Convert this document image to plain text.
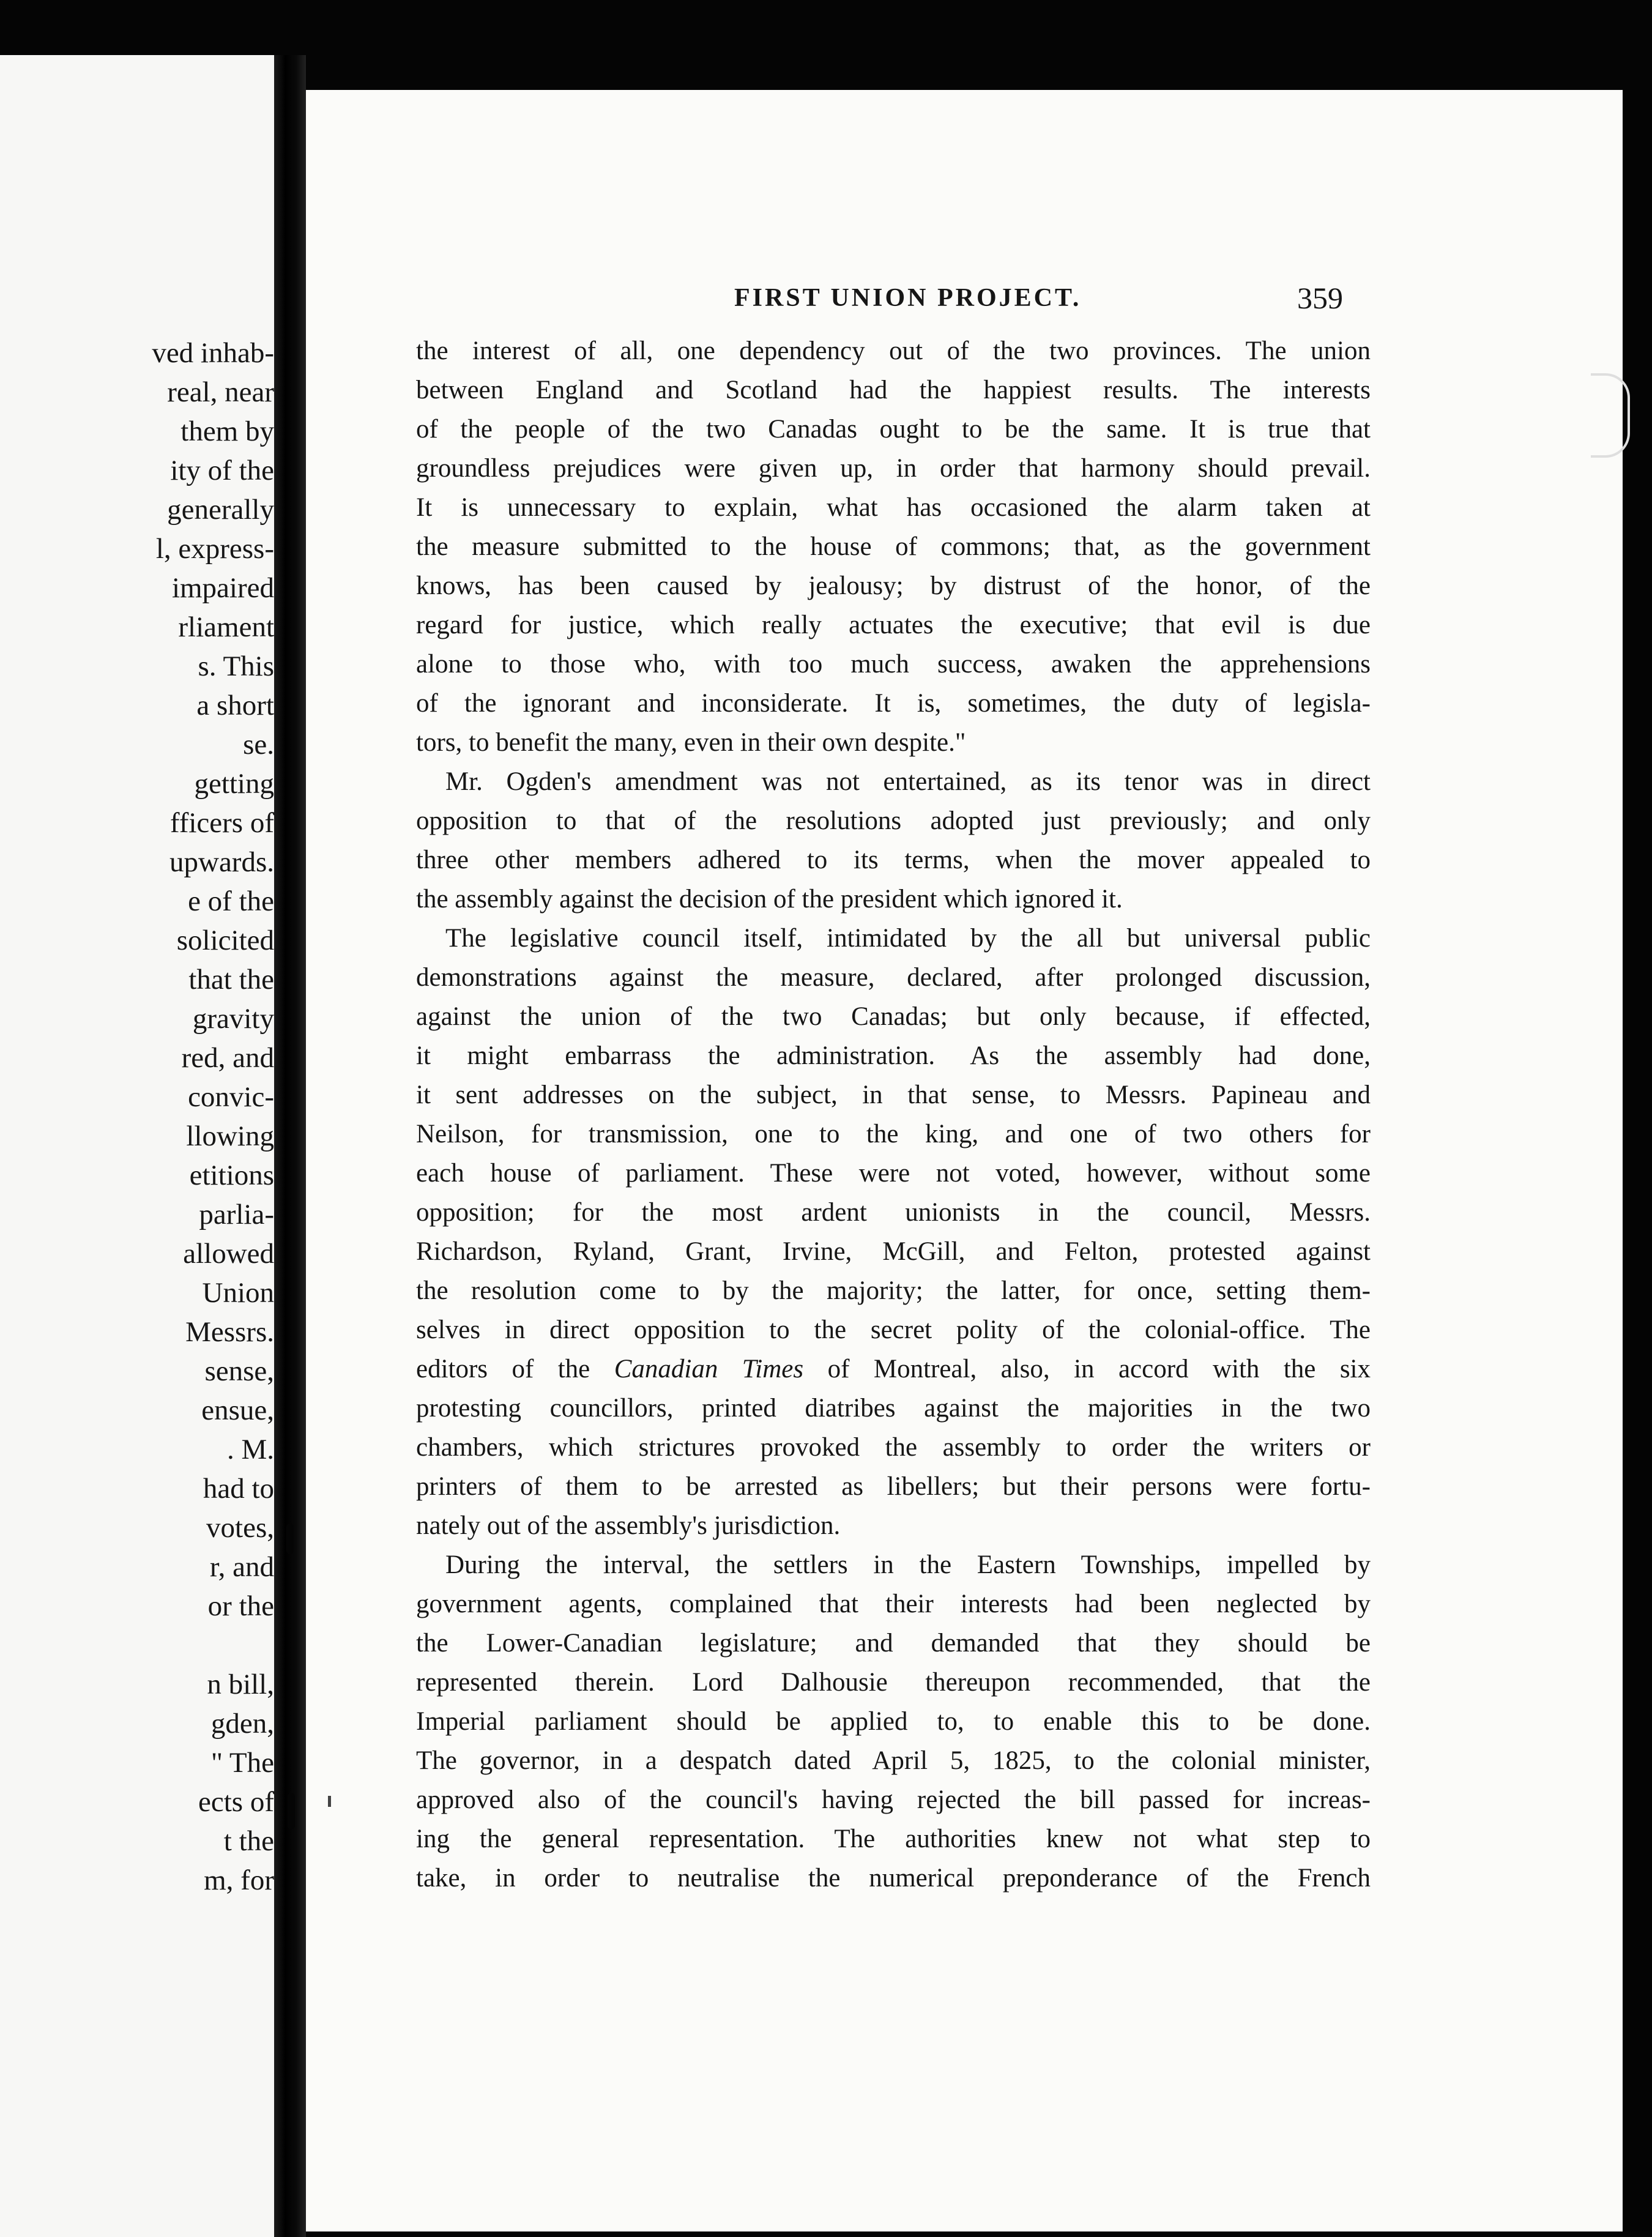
ved inhab-
real, near
them by
ity of the
generally
l, express-
impaired
rliament
s. This
a short
se.
getting
fficers of
upwards.
e of the
solicited
that the
gravity
red, and
convic-
llowing
etitions
parlia-
allowed
Union
Messrs.
sense,
ensue,
. M.
had to
votes,
r, and
or the
n bill,
gden,
" The
ects of
t the
m, for
FIRST UNION PROJECT.	359
the interest of all, one dependency out of the two provinces. The union
between England and Scotland had the happiest results. The interests
of the people of the two Canadas ought to be the same. It is true that
groundless prejudices were given up, in order that harmony should prevail.
It is unnecessary to explain, what has occasioned the alarm taken at
the measure submitted to the house of commons; that, as the government
knows, has been caused by jealousy; by distrust of the honor, of the
regard for justice, which really actuates the executive; that evil is due
alone to those who, with too much success, awaken the apprehensions
of the ignorant and inconsiderate. It is, sometimes, the duty of legisla-
tors, to benefit the many, even in their own despite."
Mr. Ogden's amendment was not entertained, as its tenor was in direct
opposition to that of the resolutions adopted just previously; and only
three other members adhered to its terms, when the mover appealed to
the assembly against the decision of the president which ignored it.
The legislative council itself, intimidated by the all but universal public
demonstrations against the measure, declared, after prolonged discussion,
against the union of the two Canadas; but only because, if effected,
it might embarrass the administration. As the assembly had done,
it sent addresses on the subject, in that sense, to Messrs. Papineau and
Neilson, for transmission, one to the king, and one of two others for
each house of parliament. These were not voted, however, without some
opposition; for the most ardent unionists in the council, Messrs.
Richardson, Ryland, Grant, Irvine, McGill, and Felton, protested against
the resolution come to by the majority; the latter, for once, setting them-
selves in direct opposition to the secret polity of the colonial-office. The
editors of the Canadian Times of Montreal, also, in accord with the six
protesting councillors, printed diatribes against the majorities in the two
chambers, which strictures provoked the assembly to order the writers or
printers of them to be arrested as libellers; but their persons were fortu-
nately out of the assembly's jurisdiction.
During the interval, the settlers in the Eastern Townships, impelled by
government agents, complained that their interests had been neglected by
the Lower-Canadian legislature; and demanded that they should be
represented therein. Lord Dalhousie thereupon recommended, that the
Imperial parliament should be applied to, to enable this to be done.
The governor, in a despatch dated April 5, 1825, to the colonial minister,
approved also of the council's having rejected the bill passed for increas-
ing the general representation. The authorities knew not what step to
take, in order to neutralise the numerical preponderance of the French
